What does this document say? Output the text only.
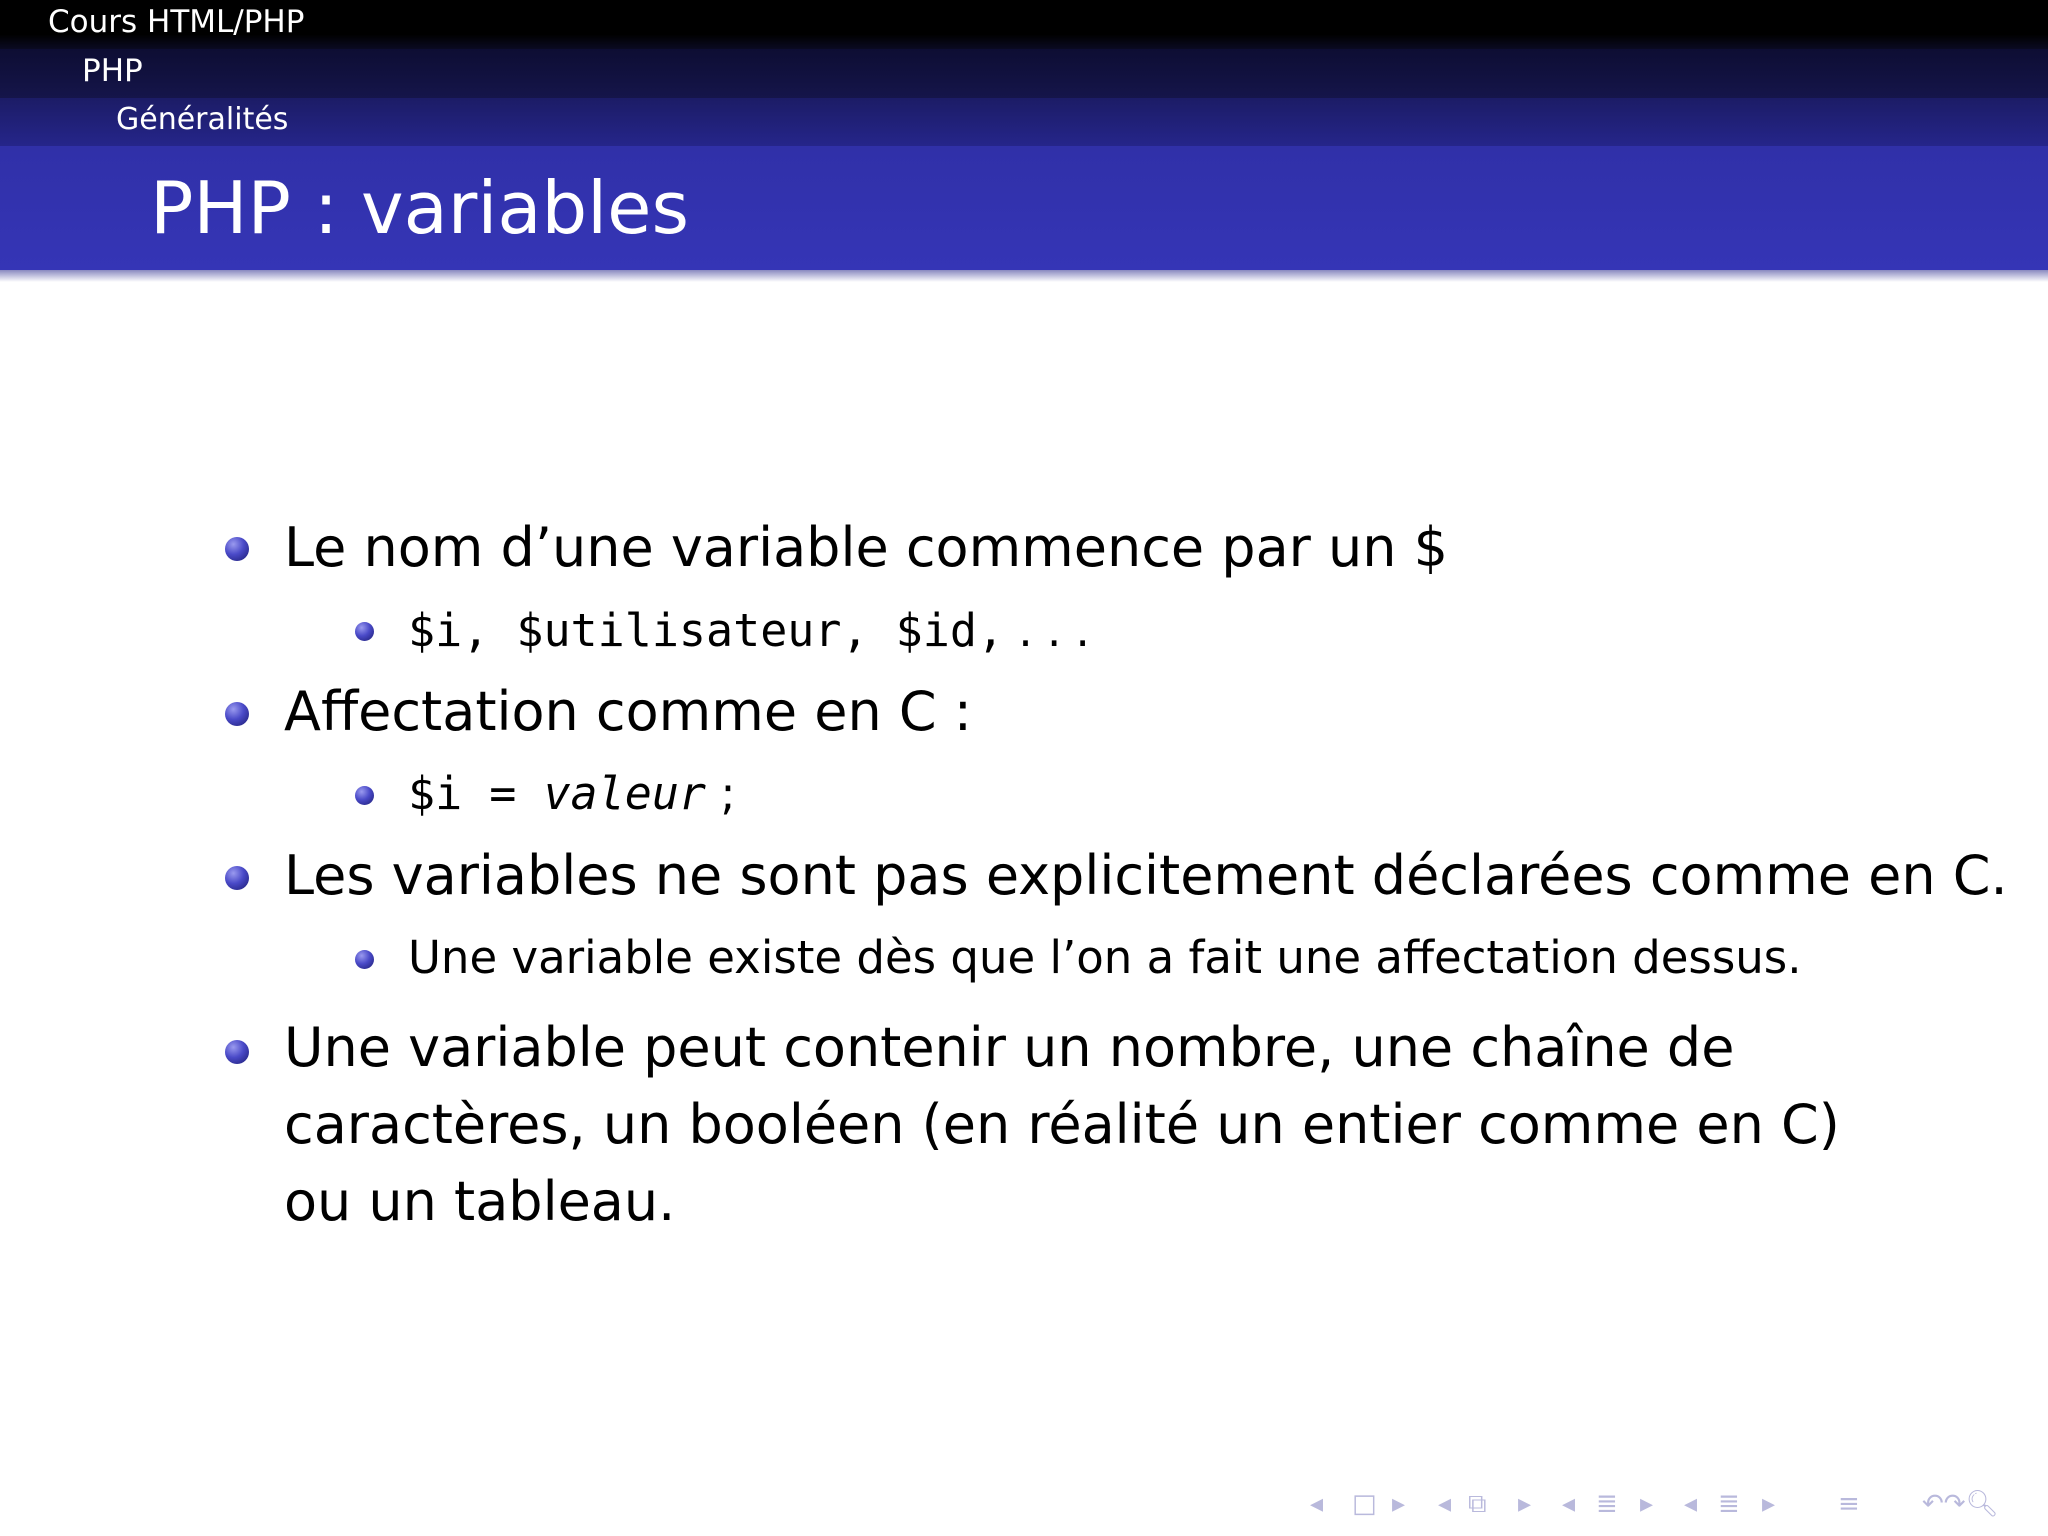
Cours HTML/PHP
PHP
Généralités
PHP : variables
Le nom d’une variable commence par un $
$i, $utilisateur, $id, . . .
Affectation comme en C :
$i = valeur ;
Les variables ne sont pas explicitement déclarées comme en C.
Une variable existe dès que l’on a fait une affectation dessus.
Une variable peut contenir un nombre, une chaîne de caractères, un booléen (en réalité un entier comme en C) ou un tableau.
◂ □ ▸ ◂ ⧉ ▸ ◂ ≣ ▸ ◂ ≣ ▸ ≡ ↶↷🔍︎
